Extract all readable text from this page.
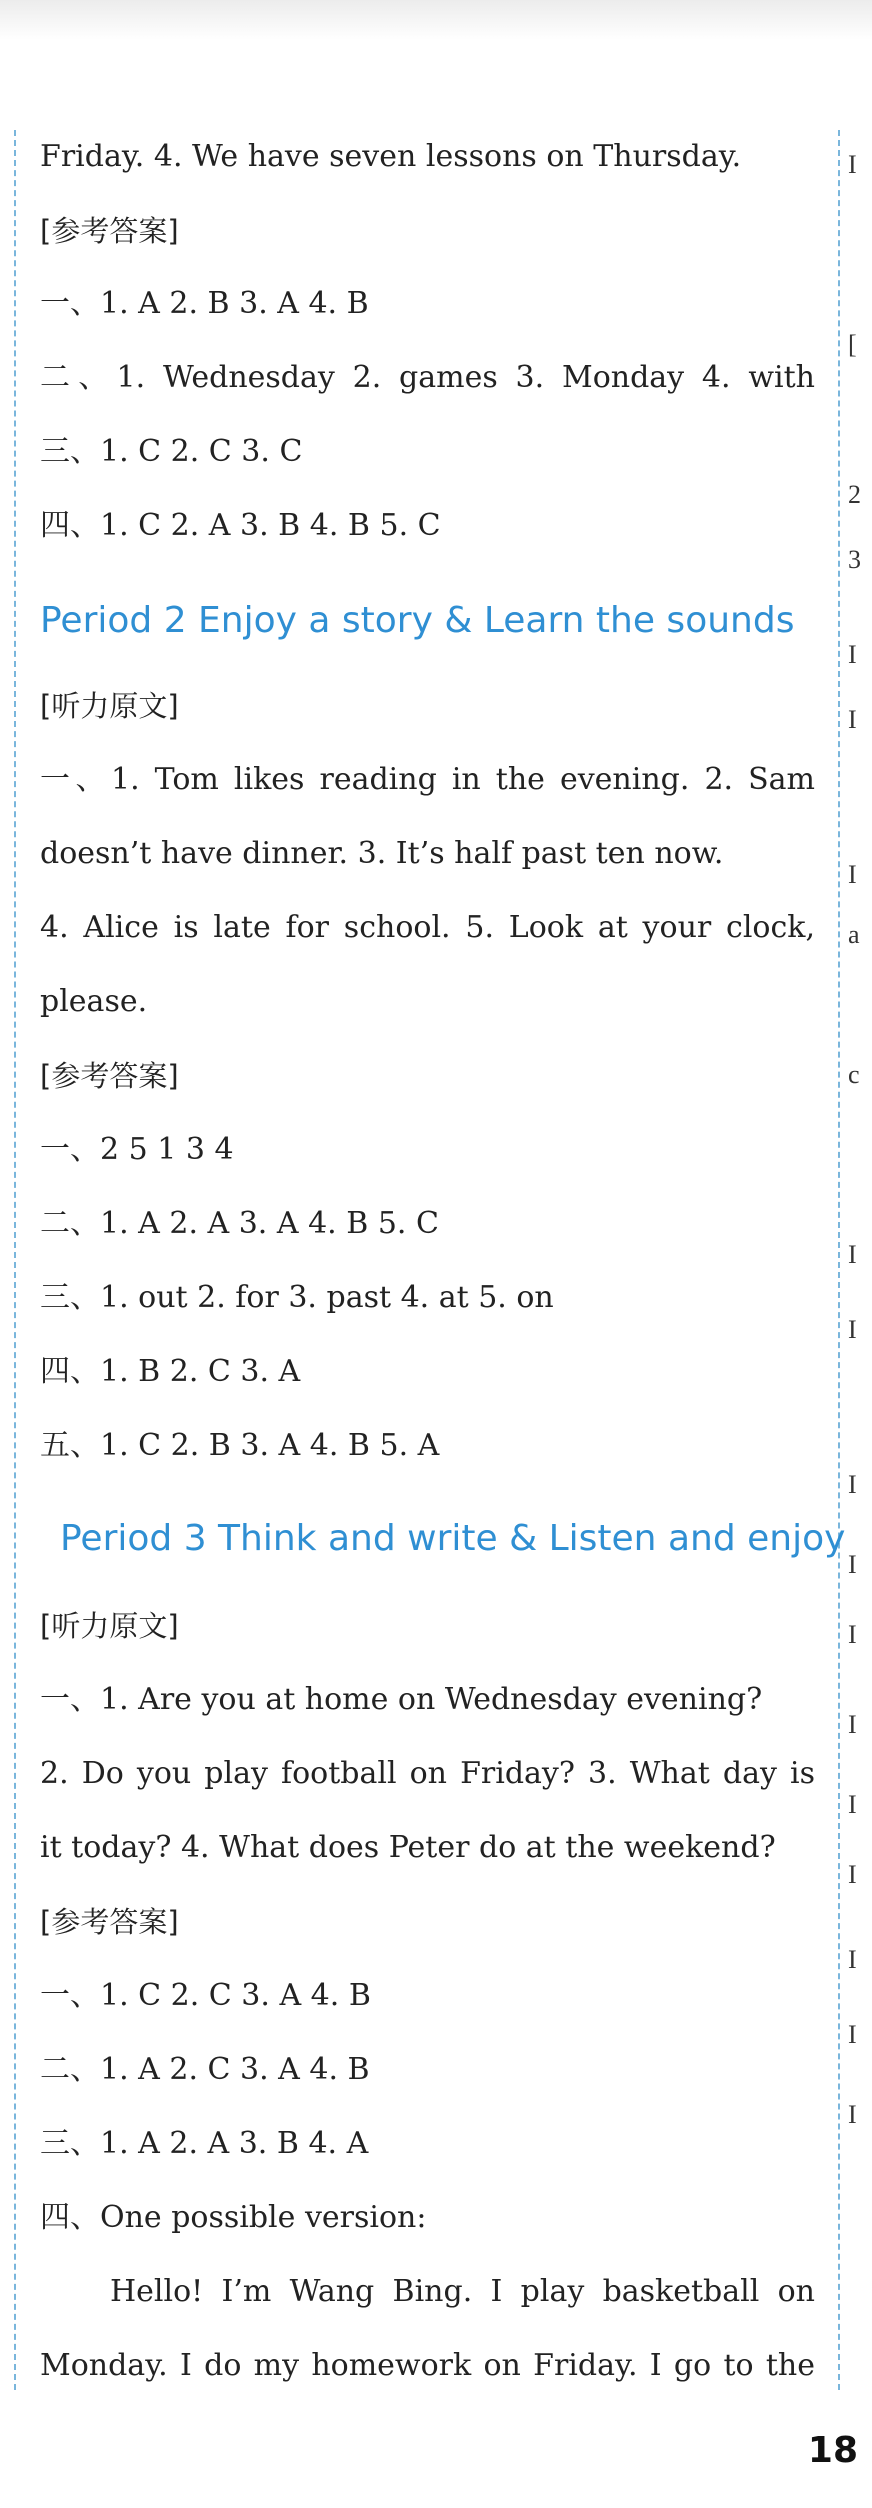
Friday. 4. We have seven lessons on Thursday.
[参考答案]
一、1. A 2. B 3. A 4. B
二、1. Wednesday 2. games 3. Monday 4. with
三、1. C 2. C 3. C
四、1. C 2. A 3. B 4. B 5. C
Period 2 Enjoy a story & Learn the sounds
[听力原文]
一、1. Tom likes reading in the evening. 2. Sam
doesn’t have dinner. 3. It’s half past ten now.
4. Alice is late for school. 5. Look at your clock,
please.
[参考答案]
一、2 5 1 3 4
二、1. A 2. A 3. A 4. B 5. C
三、1. out 2. for 3. past 4. at 5. on
四、1. B 2. C 3. A
五、1. C 2. B 3. A 4. B 5. A
Period 3 Think and write & Listen and enjoy
[听力原文]
一、1. Are you at home on Wednesday evening?
2. Do you play football on Friday? 3. What day is
it today? 4. What does Peter do at the weekend?
[参考答案]
一、1. C 2. C 3. A 4. B
二、1. A 2. C 3. A 4. B
三、1. A 2. A 3. B 4. A
四、One possible version:
Hello! I’m Wang Bing. I play basketball on
Monday. I do my homework on Friday. I go to the
I
[
2
3
I
I
I
a
c
I
I
I
I
I
I
I
I
I
I
I
18
